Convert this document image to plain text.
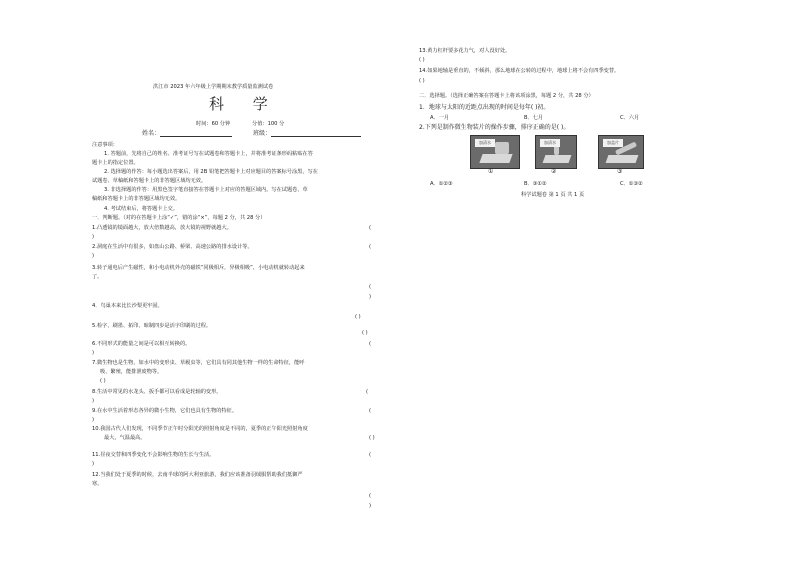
洪江市 2023 年六年级上学期期末教学质量监测试卷
科 学
时间：60 分钟	分值：100 分
姓名：	班级：
注意事项：
1. 答题前，先将自己的姓名、准考证号写在试题卷和答题卡上，并将准考证条形码粘贴在答
题卡上的指定位置。
2. 选择题的作答：每小题选出答案后，用 2B 铅笔把答题卡上对应题目的答案标号涂黑，写在
试题卷、草稿纸和答题卡上的非答题区域均无效。
3. 非选择题的作答：用黑色签字笔直接答在答题卡上对应的答题区域内。写在试题卷、草
稿纸和答题卡上的非答题区域均无效。
4. 考试结束后，将答题卡上交。
一．判断题。（对的在答题卡上涂“✓”，错的涂“×”，每题 2 分，共 28 分）
1.凸透镜的镜面越大，放大倍数越高，放大镜的视野就越大。	(
)
2.洞庭在生活中有很多，如盘山公路、桥梁、高速公路的排水设计等。	(
)
3.转子通电后产生磁性，和小电动机外壳的磁铁“同极相斥，异极相吸”，小电动机就转动起来
了。
(
)
4．鸟巢本来比长沙梨更牢固。
( )
5.检字、刷墨、拓印、晾制四步是活字印刷的过程。
( )
6.不同形式的能量之间是可以相互转换的。	(
)
7.微生物也是生物，如水中的变形虫、草履虫等，它们具有同其他生物一样的生命特征，能呼
吸、繁殖，能排泄废物等。
( )
8.生活中常见的水龙头、扳手都可以看成是轮轴的变形。	(
)
9.在水中生活着形态各异的微小生物，它们也具有生物的特征。	(
)
10.我国古代人们发现，不同季节正午时分阳光的照射角度是不同的，夏季的正午阳光照射角度
最大，气温最高。	( )
11.昼夜交替和四季变化不会影响生物的生长与生活。	(
)
12.当我们处于夏季的时候，去南半球的阿大利亚旅游，我们应该准备羽绒服帮助我们抵御严
寒。
(
)
13.黄力杠杆要多花力气，对人没好处。
( )
14.如果地轴是垂直的，不倾斜，那么地球在公转的过程中，地球上将不会有四季变替。
( )
二．选择题。（选择正确答案在答题卡上将该项涂黑，每题 2 分，共 28 分）
1．地球与太阳的近距点出现的时间是每年( )初。
A．一月	B．七月	C．六月
2.下列是制作微生物装片的操作步骤，排序正确的是( )。
加清水	加清水	加盖片
①	②	③
A．①②③	B．③①②	C．①③②
科学试题卷 第 1 页 共 1 页
